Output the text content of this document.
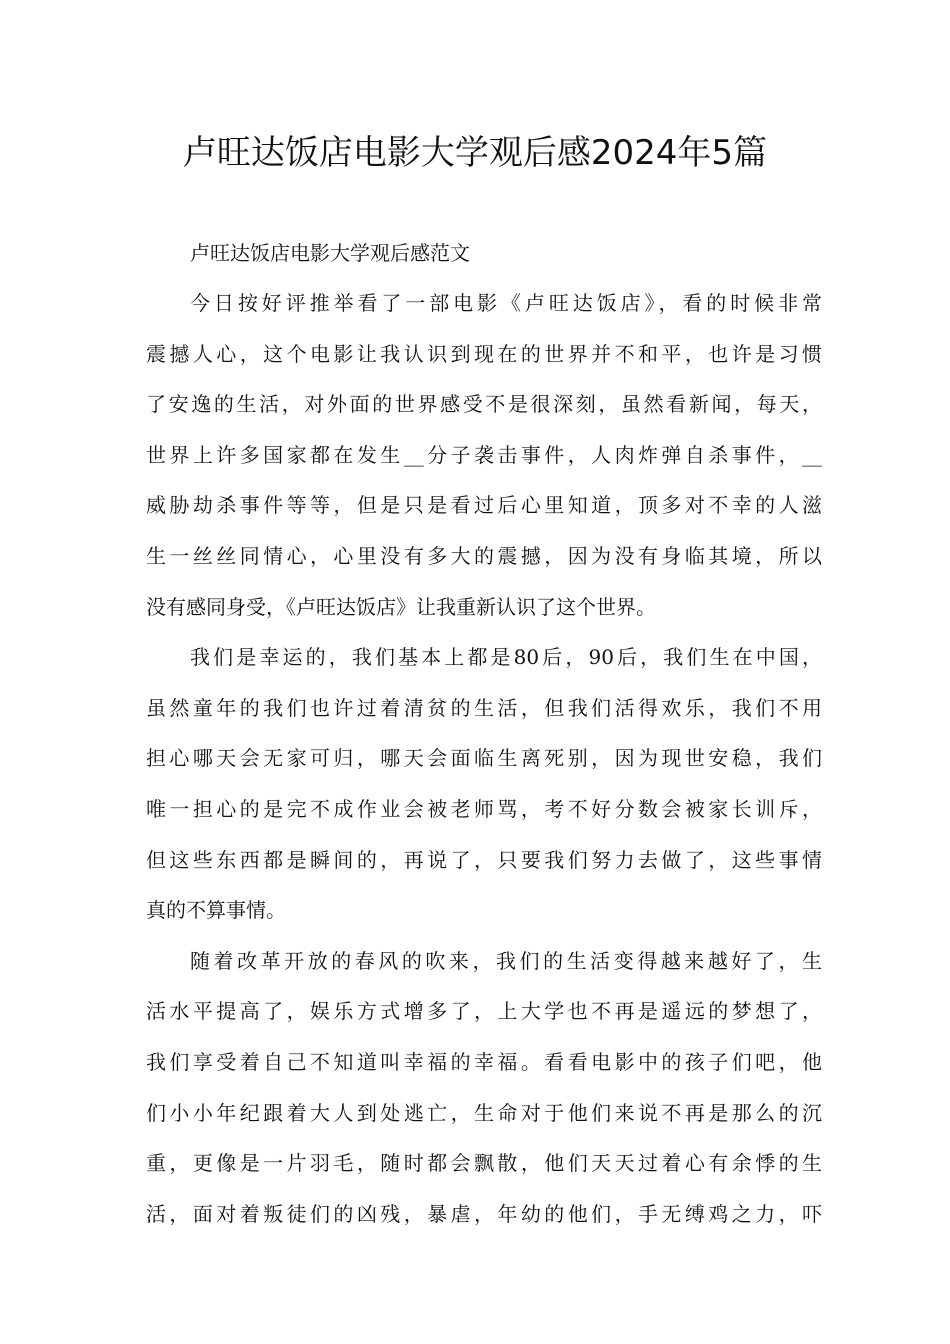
卢旺达饭店电影大学观后感2024年5篇

卢旺达饭店电影大学观后感范文

今日按好评推举看了一部电影《卢旺达饭店》，看的时候非常
震撼人心，这个电影让我认识到现在的世界并不和平，也许是习惯
了安逸的生活，对外面的世界感受不是很深刻，虽然看新闻，每天，
世界上许多国家都在发生__分子袭击事件，人肉炸弹自杀事件，__
威胁劫杀事件等等，但是只是看过后心里知道，顶多对不幸的人滋
生一丝丝同情心，心里没有多大的震撼，因为没有身临其境，所以
没有感同身受，《卢旺达饭店》让我重新认识了这个世界。

我们是幸运的，我们基本上都是80后，90后，我们生在中国，
虽然童年的我们也许过着清贫的生活，但我们活得欢乐，我们不用
担心哪天会无家可归，哪天会面临生离死别，因为现世安稳，我们
唯一担心的是完不成作业会被老师骂，考不好分数会被家长训斥，
但这些东西都是瞬间的，再说了，只要我们努力去做了，这些事情
真的不算事情。

随着改革开放的春风的吹来，我们的生活变得越来越好了，生
活水平提高了，娱乐方式增多了，上大学也不再是遥远的梦想了，
我们享受着自己不知道叫幸福的幸福。看看电影中的孩子们吧，他
们小小年纪跟着大人到处逃亡，生命对于他们来说不再是那么的沉
重，更像是一片羽毛，随时都会飘散，他们天天过着心有余悸的生
活，面对着叛徒们的凶残，暴虐，年幼的他们，手无缚鸡之力，吓
